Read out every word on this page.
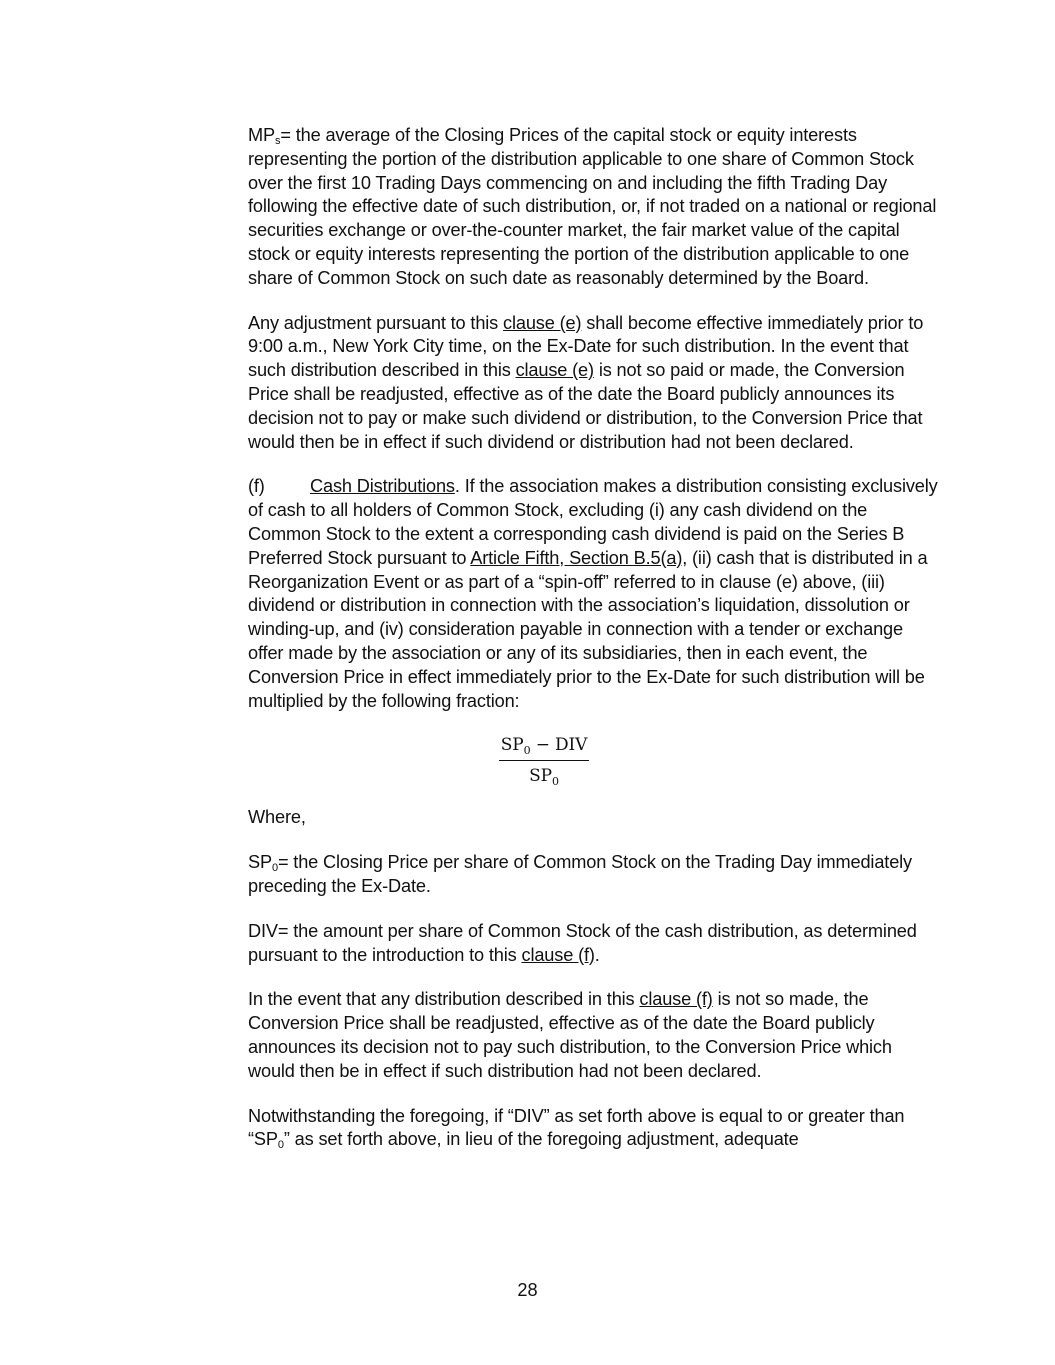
$MP_s=$ the average of the Closing Prices of the capital stock or equity interests representing the portion of the distribution applicable to one share of Common Stock over the first 10 Trading Days commencing on and including the fifth Trading Day following the effective date of such distribution, or, if not traded on a national or regional securities exchange or over-the-counter market, the fair market value of the capital stock or equity interests representing the portion of the distribution applicable to one share of Common Stock on such date as reasonably determined by the Board.

Any adjustment pursuant to this clause (e) shall become effective immediately prior to 9:00 a.m., New York City time, on the Ex-Date for such distribution. In the event that such distribution described in this clause (e) is not so paid or made, the Conversion Price shall be readjusted, effective as of the date the Board publicly announces its decision not to pay or make such dividend or distribution, to the Conversion Price that would then be in effect if such dividend or distribution had not been declared.

(f) Cash Distributions. If the association makes a distribution consisting exclusively of cash to all holders of Common Stock, excluding (i) any cash dividend on the Common Stock to the extent a corresponding cash dividend is paid on the Series B Preferred Stock pursuant to Article Fifth, Section B.5(a), (ii) cash that is distributed in a Reorganization Event or as part of a “spin-off” referred to in clause (e) above, (iii) dividend or distribution in connection with the association’s liquidation, dissolution or winding-up, and (iv) consideration payable in connection with a tender or exchange offer made by the association or any of its subsidiaries, then in each event, the Conversion Price in effect immediately prior to the Ex-Date for such distribution will be multiplied by the following fraction:

$\frac{SP_0 - DIV}{SP_0}$

Where,

$SP_0=$ the Closing Price per share of Common Stock on the Trading Day immediately preceding the Ex-Date.

DIV= the amount per share of Common Stock of the cash distribution, as determined pursuant to the introduction to this clause (f).

In the event that any distribution described in this clause (f) is not so made, the Conversion Price shall be readjusted, effective as of the date the Board publicly announces its decision not to pay such distribution, to the Conversion Price which would then be in effect if such distribution had not been declared.

Notwithstanding the foregoing, if “DIV” as set forth above is equal to or greater than “$SP_0$” as set forth above, in lieu of the foregoing adjustment, adequate

28
